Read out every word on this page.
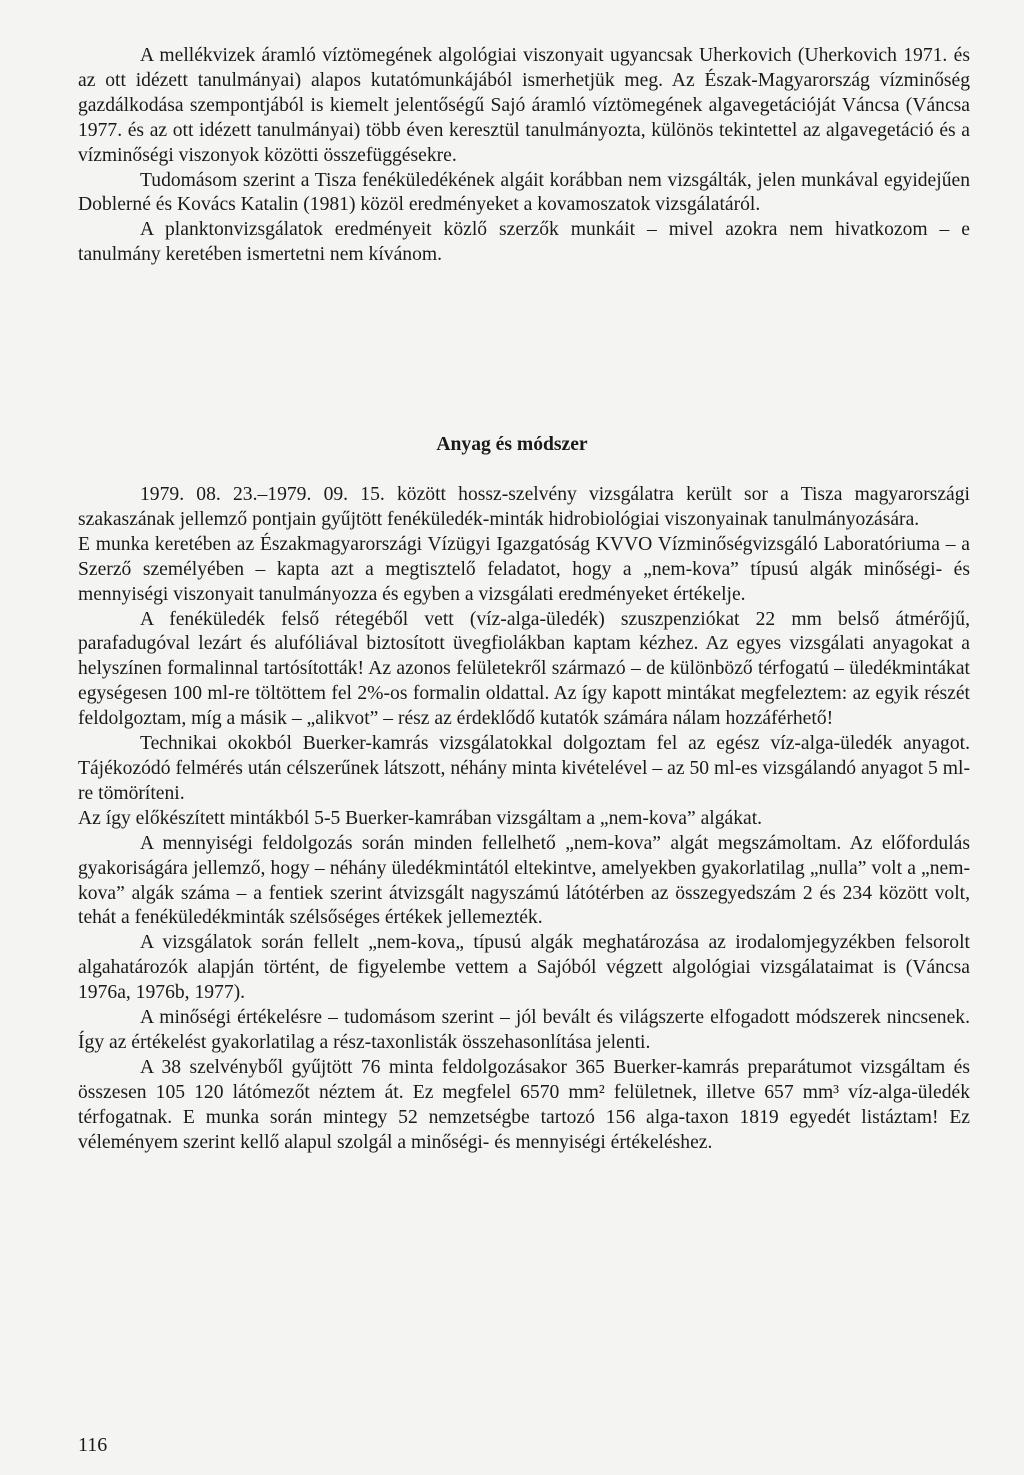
A mellékvizek áramló víztömegének algológiai viszonyait ugyancsak Uherkovich (Uherkovich 1971. és az ott idézett tanulmányai) alapos kutatómunkájából ismerhetjük meg. Az Észak-Magyarország vízminőség gazdálkodása szempontjából is kiemelt jelentőségű Sajó áramló víztömegének algavegetációját Váncsa (Váncsa 1977. és az ott idézett tanulmányai) több éven keresztül tanulmányozta, különös tekintettel az algavegetáció és a vízminőségi viszonyok közötti összefüggésekre.

Tudomásom szerint a Tisza fenéküledékének algáit korábban nem vizsgálták, jelen munkával egyidejűen Doblerné és Kovács Katalin (1981) közöl eredményeket a kovamoszatok vizsgálatáról.

A planktonvizsgálatok eredményeit közlő szerzők munkáit – mivel azokra nem hivatkozom – e tanulmány keretében ismertetni nem kívánom.

Anyag és módszer

1979. 08. 23.–1979. 09. 15. között hossz-szelvény vizsgálatra került sor a Tisza magyarországi szakaszának jellemző pontjain gyűjtött fenéküledék-minták hidrobiológiai viszonyainak tanulmányozására.

E munka keretében az Északmagyarországi Vízügyi Igazgatóság KVVO Vízminőségvizsgáló Laboratóriuma – a Szerző személyében – kapta azt a megtisztelő feladatot, hogy a „nem-kova” típusú algák minőségi- és mennyiségi viszonyait tanulmányozza és egyben a vizsgálati eredményeket értékelje.

A fenéküledék felső rétegéből vett (víz-alga-üledék) szuszpenziókat 22 mm belső átmérőjű, parafadugóval lezárt és alufóliával biztosított üvegfiolákban kaptam kézhez. Az egyes vizsgálati anyagokat a helyszínen formalinnal tartósították! Az azonos felületekről származó – de különböző térfogatú – üledékmintákat egységesen 100 ml-re töltöttem fel 2%-os formalin oldattal. Az így kapott mintákat megfeleztem: az egyik részét feldolgoztam, míg a másik – „alikvot” – rész az érdeklődő kutatók számára nálam hozzáférhető!

Technikai okokból Buerker-kamrás vizsgálatokkal dolgoztam fel az egész víz-alga-üledék anyagot. Tájékozódó felmérés után célszerűnek látszott, néhány minta kivételével – az 50 ml-es vizsgálandó anyagot 5 ml-re tömöríteni.

Az így előkészített mintákból 5-5 Buerker-kamrában vizsgáltam a „nem-kova” algákat.

A mennyiségi feldolgozás során minden fellelhető „nem-kova” algát megszámoltam. Az előfordulás gyakoriságára jellemző, hogy – néhány üledékmintától eltekintve, amelyekben gyakorlatilag „nulla” volt a „nem-kova” algák száma – a fentiek szerint átvizsgált nagyszámú látótérben az összegyedszám 2 és 234 között volt, tehát a fenéküledékminták szélsőséges értékek jellemezték.

A vizsgálatok során fellelt „nem-kova„ típusú algák meghatározása az irodalomjegyzékben felsorolt algahatározók alapján történt, de figyelembe vettem a Sajóból végzett algológiai vizsgálataimat is (Váncsa 1976a, 1976b, 1977).

A minőségi értékelésre – tudomásom szerint – jól bevált és világszerte elfogadott módszerek nincsenek. Így az értékelést gyakorlatilag a rész-taxonlisták összehasonlítása jelenti.

A 38 szelvényből gyűjtött 76 minta feldolgozásakor 365 Buerker-kamrás preparátumot vizsgáltam és összesen 105 120 látómezőt néztem át. Ez megfelel 6570 mm² felületnek, illetve 657 mm³ víz-alga-üledék térfogatnak. E munka során mintegy 52 nemzetségbe tartozó 156 alga-taxon 1819 egyedét listáztam! Ez véleményem szerint kellő alapul szolgál a minőségi- és mennyiségi értékeléshez.

116
